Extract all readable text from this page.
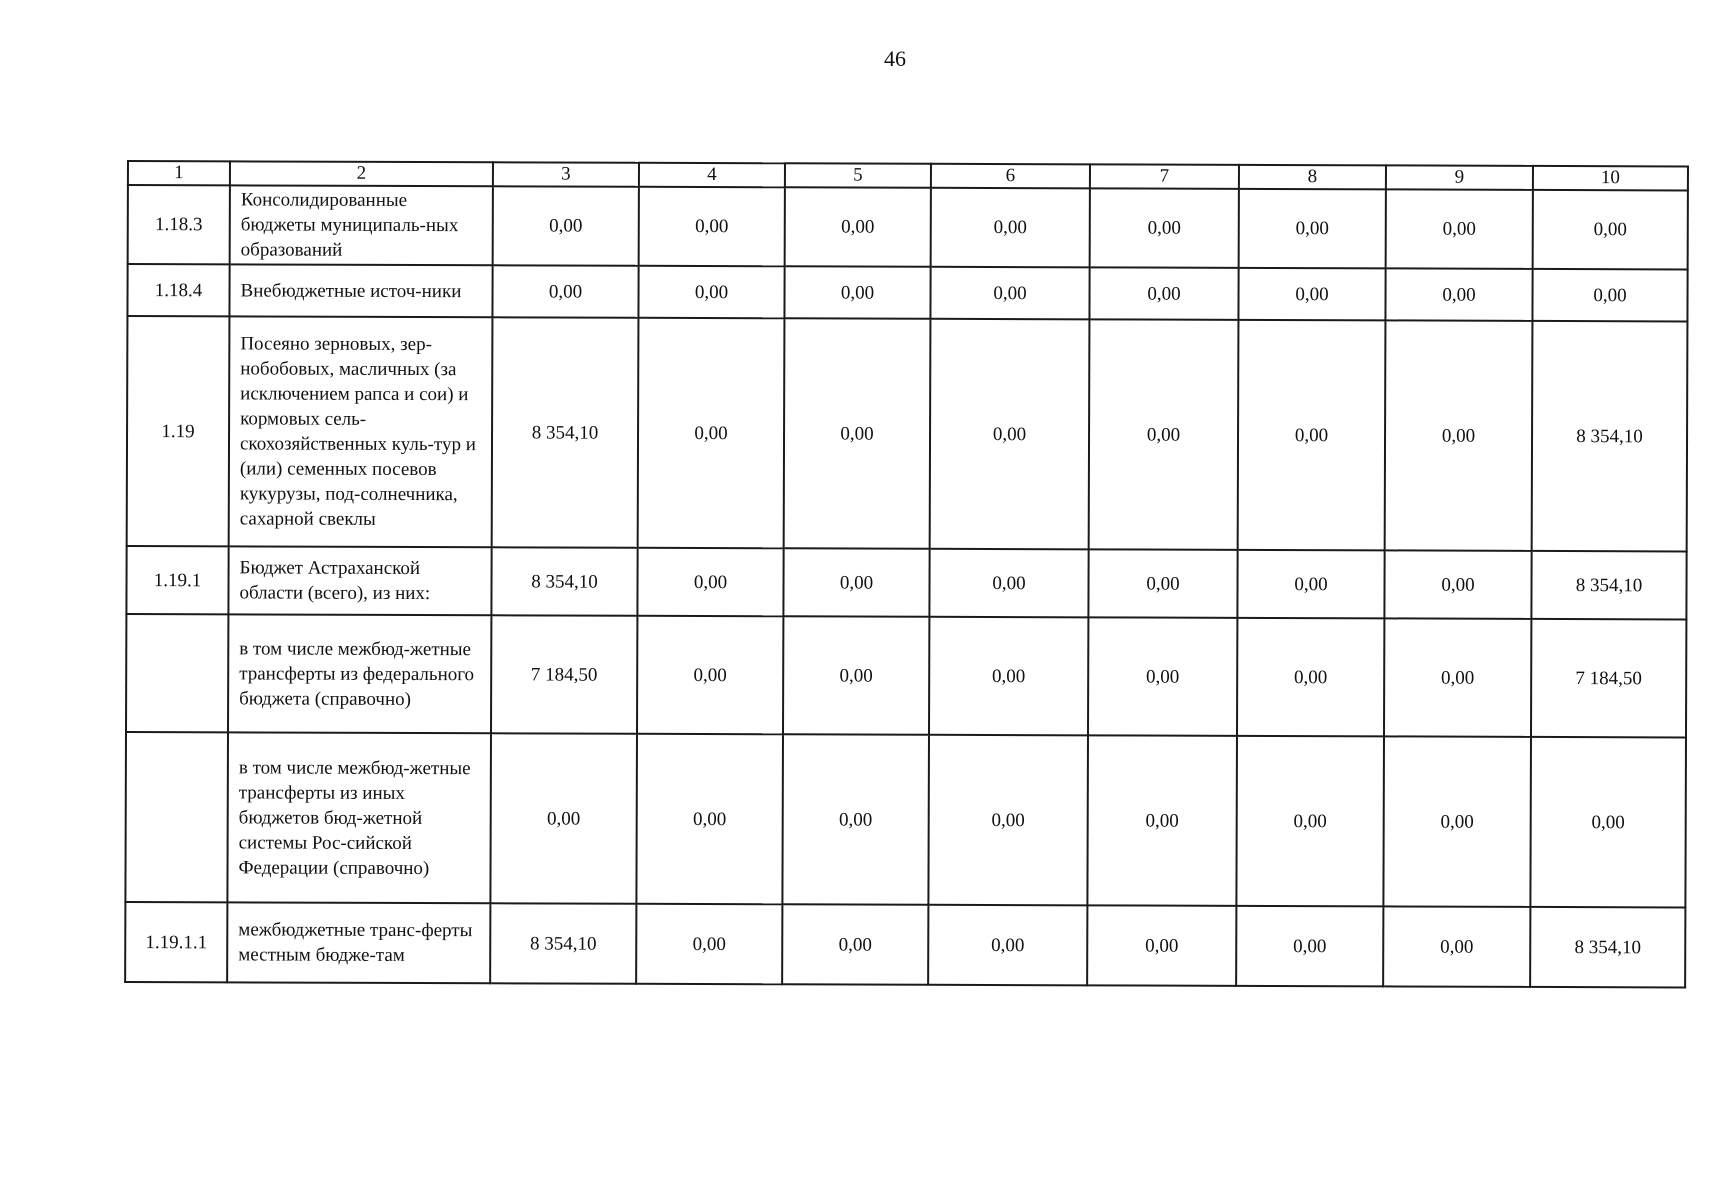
46
1	2	3	4	5	6	7	8	9	10
1.18.3	Консолидированные бюджеты муниципаль-ных образований	0,00	0,00	0,00	0,00	0,00	0,00	0,00	0,00
1.18.4	Внебюджетные источ-ники	0,00	0,00	0,00	0,00	0,00	0,00	0,00	0,00
1.19	Посеяно зерновых, зер-нобобовых, масличных (за исключением рапса и сои) и кормовых сель-скохозяйственных куль-тур и (или) семенных посевов кукурузы, под-солнечника, сахарной свеклы	8 354,10	0,00	0,00	0,00	0,00	0,00	0,00	8 354,10
1.19.1	Бюджет Астраханской области (всего), из них:	8 354,10	0,00	0,00	0,00	0,00	0,00	0,00	8 354,10
	в том числе межбюд-жетные трансферты из федерального бюджета (справочно)	7 184,50	0,00	0,00	0,00	0,00	0,00	0,00	7 184,50
	в том числе межбюд-жетные трансферты из иных бюджетов бюд-жетной системы Рос-сийской Федерации (справочно)	0,00	0,00	0,00	0,00	0,00	0,00	0,00	0,00
1.19.1.1	межбюджетные транс-ферты местным бюдже-там	8 354,10	0,00	0,00	0,00	0,00	0,00	0,00	8 354,10
